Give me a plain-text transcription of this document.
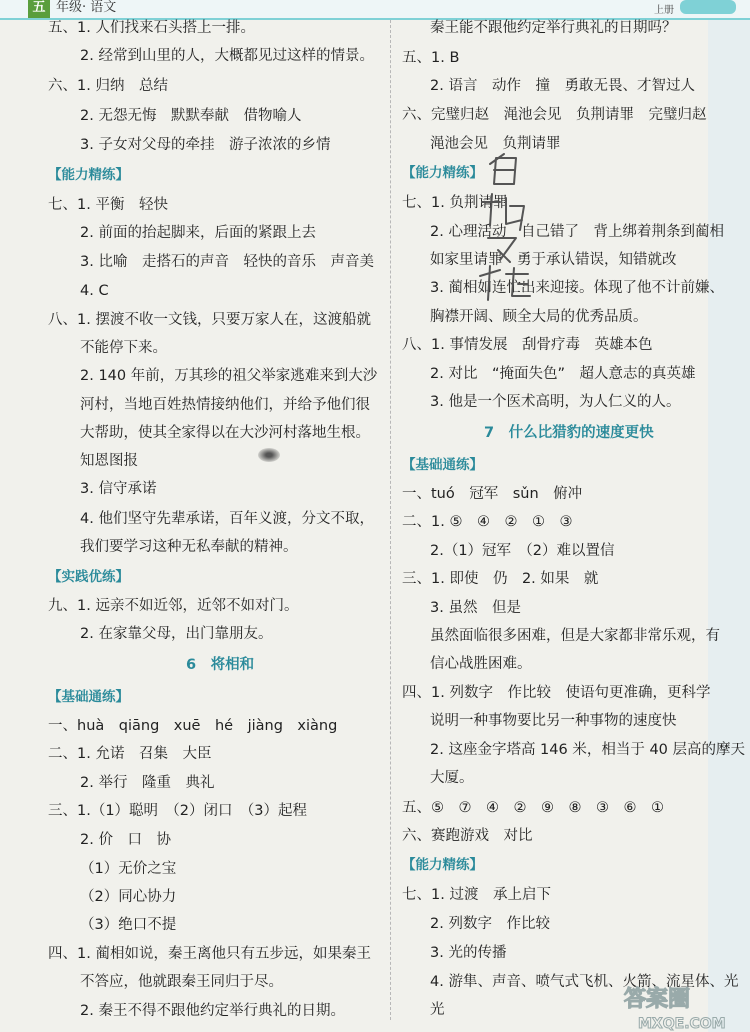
五 年级· 语文	上册
五、1. 人们找来石头搭上一排。
2. 经常到山里的人，大概都见过这样的情景。
六、1. 归纳　总结
2. 无怨无悔　默默奉献　借物喻人
3. 子女对父母的牵挂　游子浓浓的乡情
【能力精练】
七、1. 平衡　轻快
2. 前面的抬起脚来，后面的紧跟上去
3. 比喻　走搭石的声音　轻快的音乐　声音美
4. C
八、1. 摆渡不收一文钱，只要万家人在，这渡船就
不能停下来。
2. 140 年前，万其珍的祖父举家逃难来到大沙
河村，当地百姓热情接纳他们，并给予他们很
大帮助，使其全家得以在大沙河村落地生根。
知恩图报
3. 信守承诺
4. 他们坚守先辈承诺，百年义渡，分文不取，
我们要学习这种无私奉献的精神。
【实践优练】
九、1. 远亲不如近邻，近邻不如对门。
2. 在家靠父母，出门靠朋友。
6　将相和
【基础通练】
一、huà　qiāng　xuē　hé　jiàng　xiàng
二、1. 允诺　召集　大臣
2. 举行　隆重　典礼
三、1.（1）聪明　（2）闭口　（3）起程
2. 价　口　协
（1）无价之宝
（2）同心协力
（3）绝口不提
四、1. 蔺相如说，秦王离他只有五步远，如果秦王
不答应，他就跟秦王同归于尽。
2. 秦王不得不跟他约定举行典礼的日期。
秦王能不跟他约定举行典礼的日期吗？
五、1. B
2. 语言　动作　撞　勇敢无畏、才智过人
六、完璧归赵　渑池会见　负荆请罪　完璧归赵
渑池会见　负荆请罪
【能力精练】
七、1. 负荆请罪
2. 心理活动　自己错了　背上绑着荆条到蔺相
如家里请罪　勇于承认错误，知错就改
3. 蔺相如连忙出来迎接。体现了他不计前嫌、
胸襟开阔、顾全大局的优秀品质。
八、1. 事情发展　刮骨疗毒　英雄本色
2. 对比　“掩面失色”　超人意志的真英雄
3. 他是一个医术高明，为人仁义的人。
7　什么比猎豹的速度更快
【基础通练】
一、tuó　冠军　sǔn　俯冲
二、1. ⑤　④　②　①　③
2.（1）冠军　（2）难以置信
三、1. 即使　仍　2. 如果　就
3. 虽然　但是
虽然面临很多困难，但是大家都非常乐观，有
信心战胜困难。
四、1. 列数字　作比较　使语句更准确，更科学
说明一种事物要比另一种事物的速度快
2. 这座金字塔高 146 米，相当于 40 层高的摩天
大厦。
五、⑤　⑦　④　②　⑨　⑧　③　⑥　①
六、赛跑游戏　对比
【能力精练】
七、1. 过渡　承上启下
2. 列数字　作比较
3. 光的传播
4. 游隼、声音、喷气式飞机、火箭、流星体、光
光	答案圈
MXQE.COM
